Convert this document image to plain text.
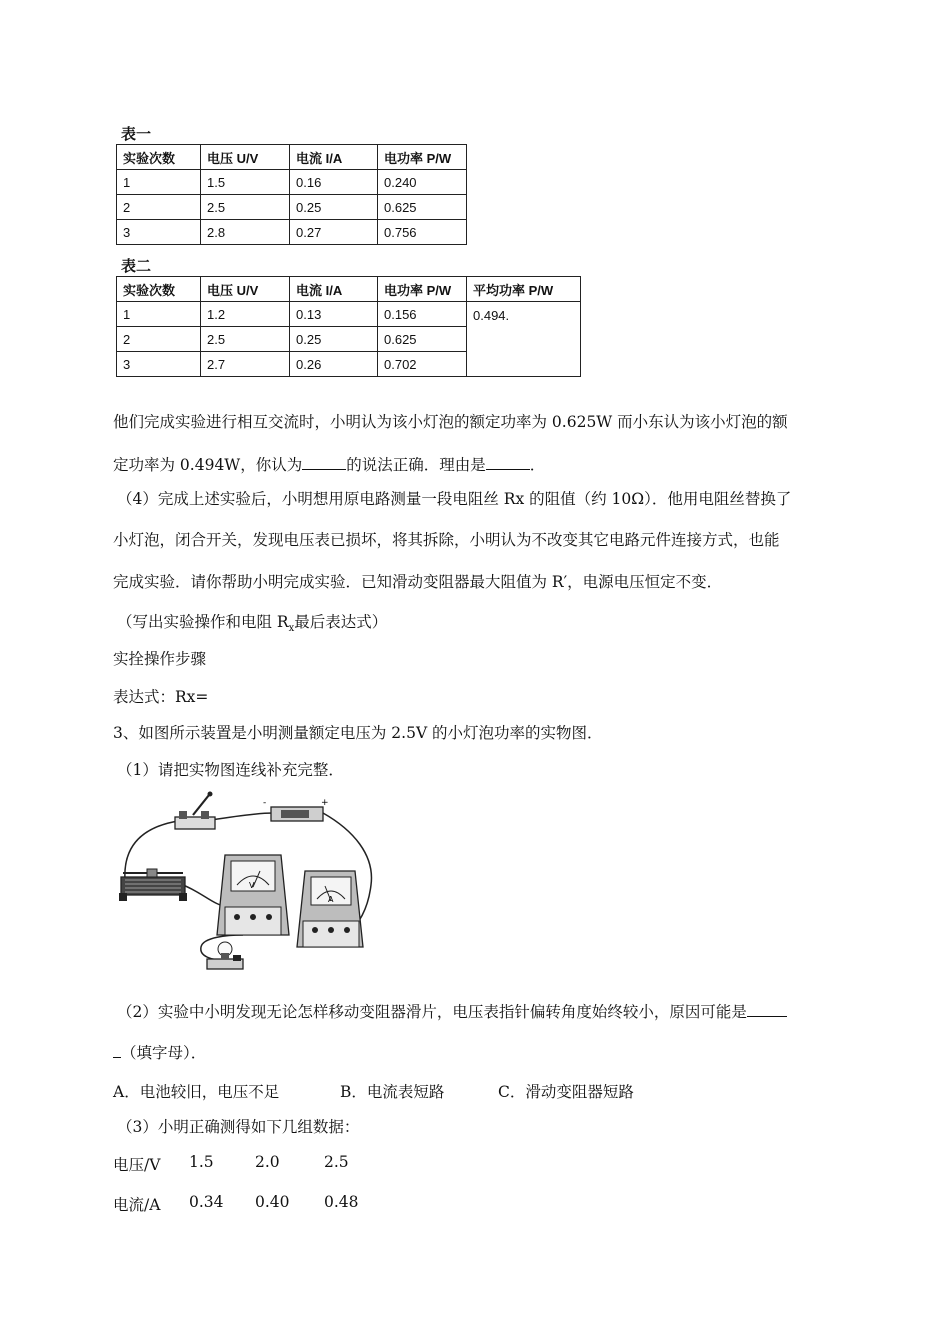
表一
实验次数	电压 U/V	电流 I/A	电功率 P/W
1	1.5	0.16	0.240
2	2.5	0.25	0.625
3	2.8	0.27	0.756
表二
实验次数	电压 U/V	电流 I/A	电功率 P/W	平均功率 P/W
1	1.2	0.13	0.156	0.494.
2	2.5	0.25	0.625	
3	2.7	0.26	0.702	
他们完成实验进行相互交流时，小明认为该小灯泡的额定功率为 0.625W 而小东认为该小灯泡的额
定功率为 0.494W，你认为	的说法正确．理由是	．
（4）完成上述实验后，小明想用原电路测量一段电阻丝 Rx 的阻值（约 10Ω）．他用电阻丝替换了
小灯泡，闭合开关，发现电压表已损坏，将其拆除，小明认为不改变其它电路元件连接方式，也能
完成实验．请你帮助小明完成实验．已知滑动变阻器最大阻值为 R′，电源电压恒定不变．
（写出实验操作和电阻 $R_x$最后表达式）
实拴操作步骤
表达式：Rx=
3、如图所示装置是小明测量额定电压为 2.5V 的小灯泡功率的实物图．
（1）请把实物图连线补充完整．
-	+
V
A
（2）实验中小明发现无论怎样移动变阻器滑片，电压表指针偏转角度始终较小，原因可能是
（填字母）．
A．电池较旧，电压不足	B．电流表短路	C．滑动变阻器短路
（3）小明正确测得如下几组数据：
电压/V 1.5	2.0	2.5
电流/A 0.34 0.40 0.48
